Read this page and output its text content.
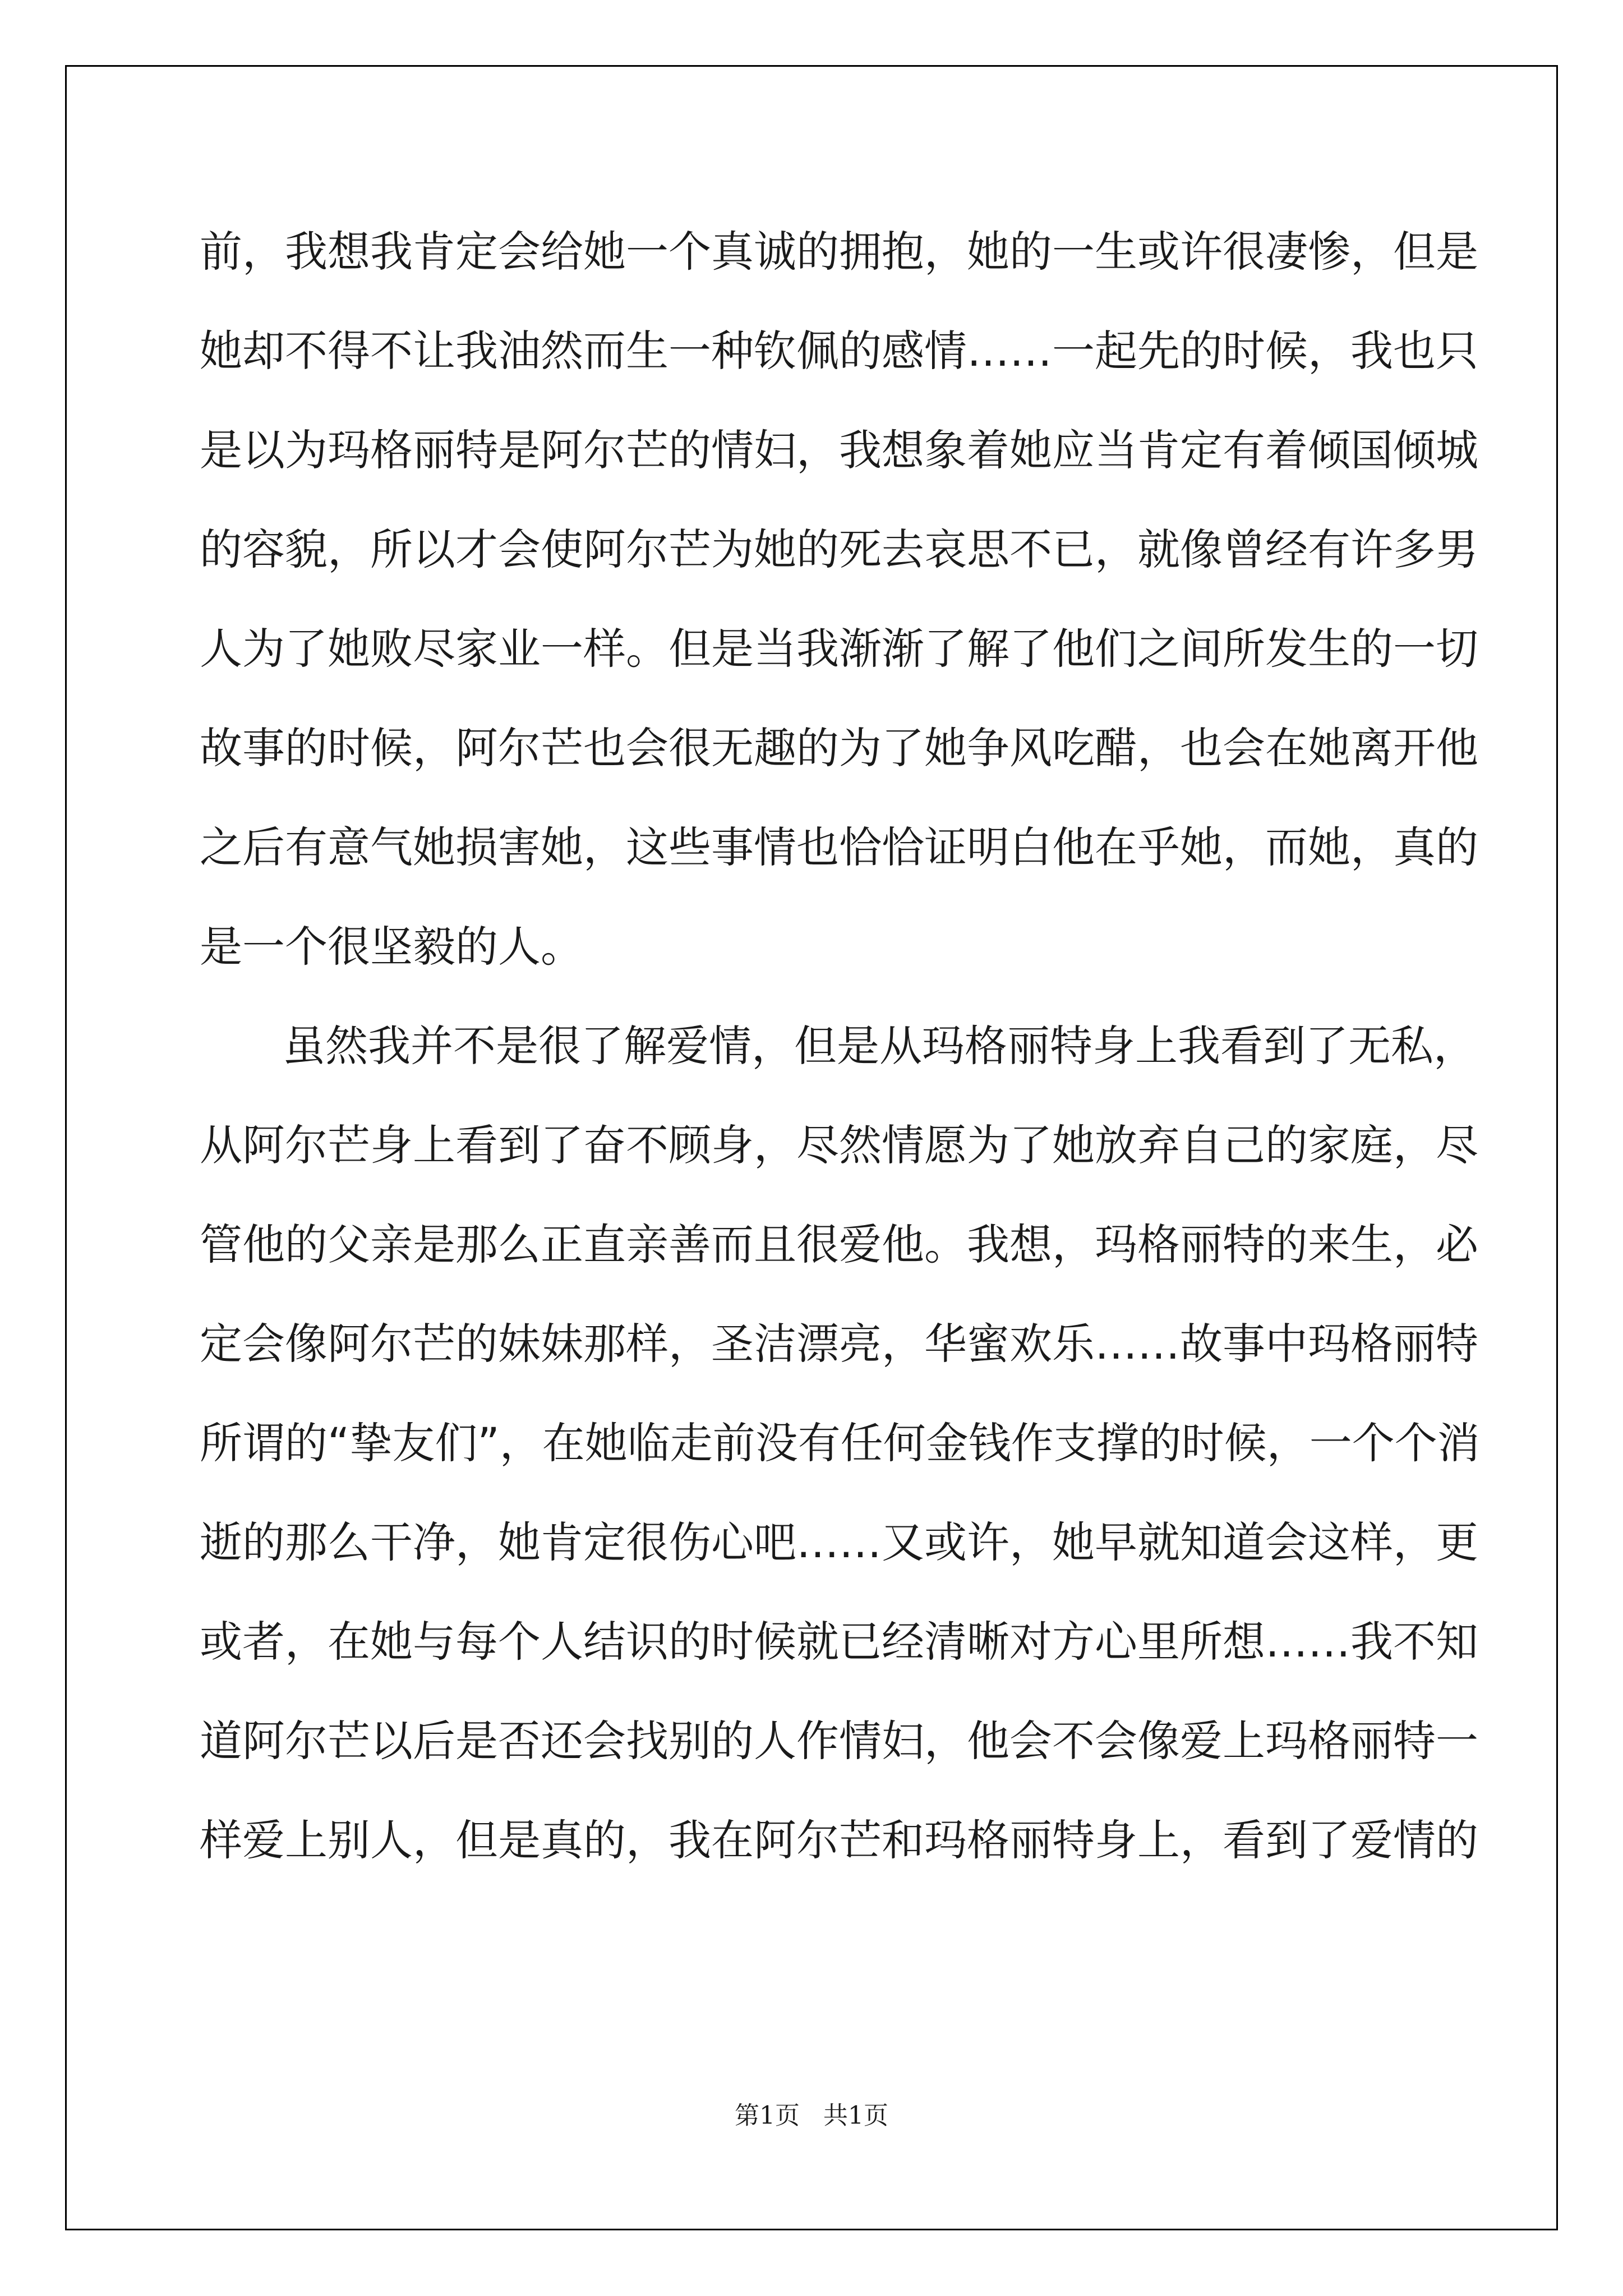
前，我想我肯定会给她一个真诚的拥抱，她的一生或许很凄惨，但是
她却不得不让我油然而生一种钦佩的感情……一起先的时候，我也只
是以为玛格丽特是阿尔芒的情妇，我想象着她应当肯定有着倾国倾城
的容貌，所以才会使阿尔芒为她的死去哀思不已，就像曾经有许多男
人为了她败尽家业一样。但是当我渐渐了解了他们之间所发生的一切
故事的时候，阿尔芒也会很无趣的为了她争风吃醋，也会在她离开他
之后有意气她损害她，这些事情也恰恰证明白他在乎她，而她，真的
是一个很坚毅的人。
虽然我并不是很了解爱情，但是从玛格丽特身上我看到了无私，
从阿尔芒身上看到了奋不顾身，尽然情愿为了她放弃自己的家庭，尽
管他的父亲是那么正直亲善而且很爱他。我想，玛格丽特的来生，必
定会像阿尔芒的妹妹那样，圣洁漂亮，华蜜欢乐……故事中玛格丽特
所谓的“挚友们”，在她临走前没有任何金钱作支撑的时候，一个个消
逝的那么干净，她肯定很伤心吧……又或许，她早就知道会这样，更
或者，在她与每个人结识的时候就已经清晰对方心里所想……我不知
道阿尔芒以后是否还会找别的人作情妇，他会不会像爱上玛格丽特一
样爱上别人，但是真的，我在阿尔芒和玛格丽特身上，看到了爱情的
第1页   共1页
